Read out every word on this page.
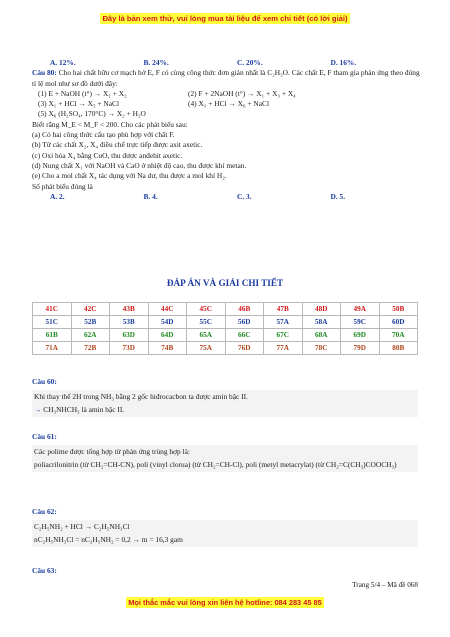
Đây là bản xem thử, vui lòng mua tài liệu để xem chi tiết (có lời giải)
A. 12%.	B. 24%.	C. 20%.	D. 16%.
Câu 80: Cho hai chất hữu cơ mạch hở E, F có cùng công thức đơn giản nhất là C₂H₃O. Các chất E, F tham gia phản ứng theo đúng tỉ lệ mol như sơ đồ dưới đây:
(1) E + NaOH (t°) → X₁ + X₂	(2) F + 2NaOH (t°) → X₁ + X₃ + X₄
(3) X₁ + HCl → X₅ + NaCl	(4) X₃ + HCl → X₆ + NaCl
(5) X₆ (H₂SO₄, 170°C) → X₂ + H₂O
Biết rằng M_E < M_F < 200. Cho các phát biểu sau:
(a) Có hai công thức cấu tạo phù hợp với chất F.
(b) Từ các chất X₂, X₄ điều chế trực tiếp được axit axetic.
(c) Oxi hóa X₄ bằng CuO, thu được anđehit axetic.
(d) Nung chất X₁ với NaOH và CaO ở nhiệt độ cao, thu được khí metan.
(e) Cho a mol chất X₄ tác dụng với Na dư, thu được a mol khí H₂.
Số phát biểu đúng là
A. 2.	B. 4.	C. 3.	D. 5.
ĐÁP ÁN VÀ GIẢI CHI TIẾT
41C	42C	43B	44C	45C	46B	47B	48D	49A	50B
51C	52B	53B	54D	55C	56D	57A	58A	59C	60D
61B	62A	63D	64D	65A	66C	67C	68A	69D	70A
71A	72B	73D	74B	75A	76D	77A	78C	79D	80B
Câu 60:
Khi thay thế 2H trong NH₃ bằng 2 gốc hiđrocacbon ta được amin bậc II.
→ CH₃NHCH₃ là amin bậc II.
Câu 61:
Các polime được tổng hợp từ phản ứng trùng hợp là:
poliacrilonitrin (từ CH₂=CH-CN), poli (vinyl clorua) (từ CH₂=CH-Cl), poli (metyl metacrylat) (từ CH₂=C(CH₃)COOCH₃)
Câu 62:
C₂H₅NH₂ + HCl → C₂H₅NH₃Cl
nC₂H₅NH₃Cl = nC₂H₅NH₂ = 0,2 → m = 16,3 gam
Câu 63:
Trang 5/4 – Mã đề 068
Mọi thắc mắc vui lòng xin liên hệ hotline: 084 283 45 85
